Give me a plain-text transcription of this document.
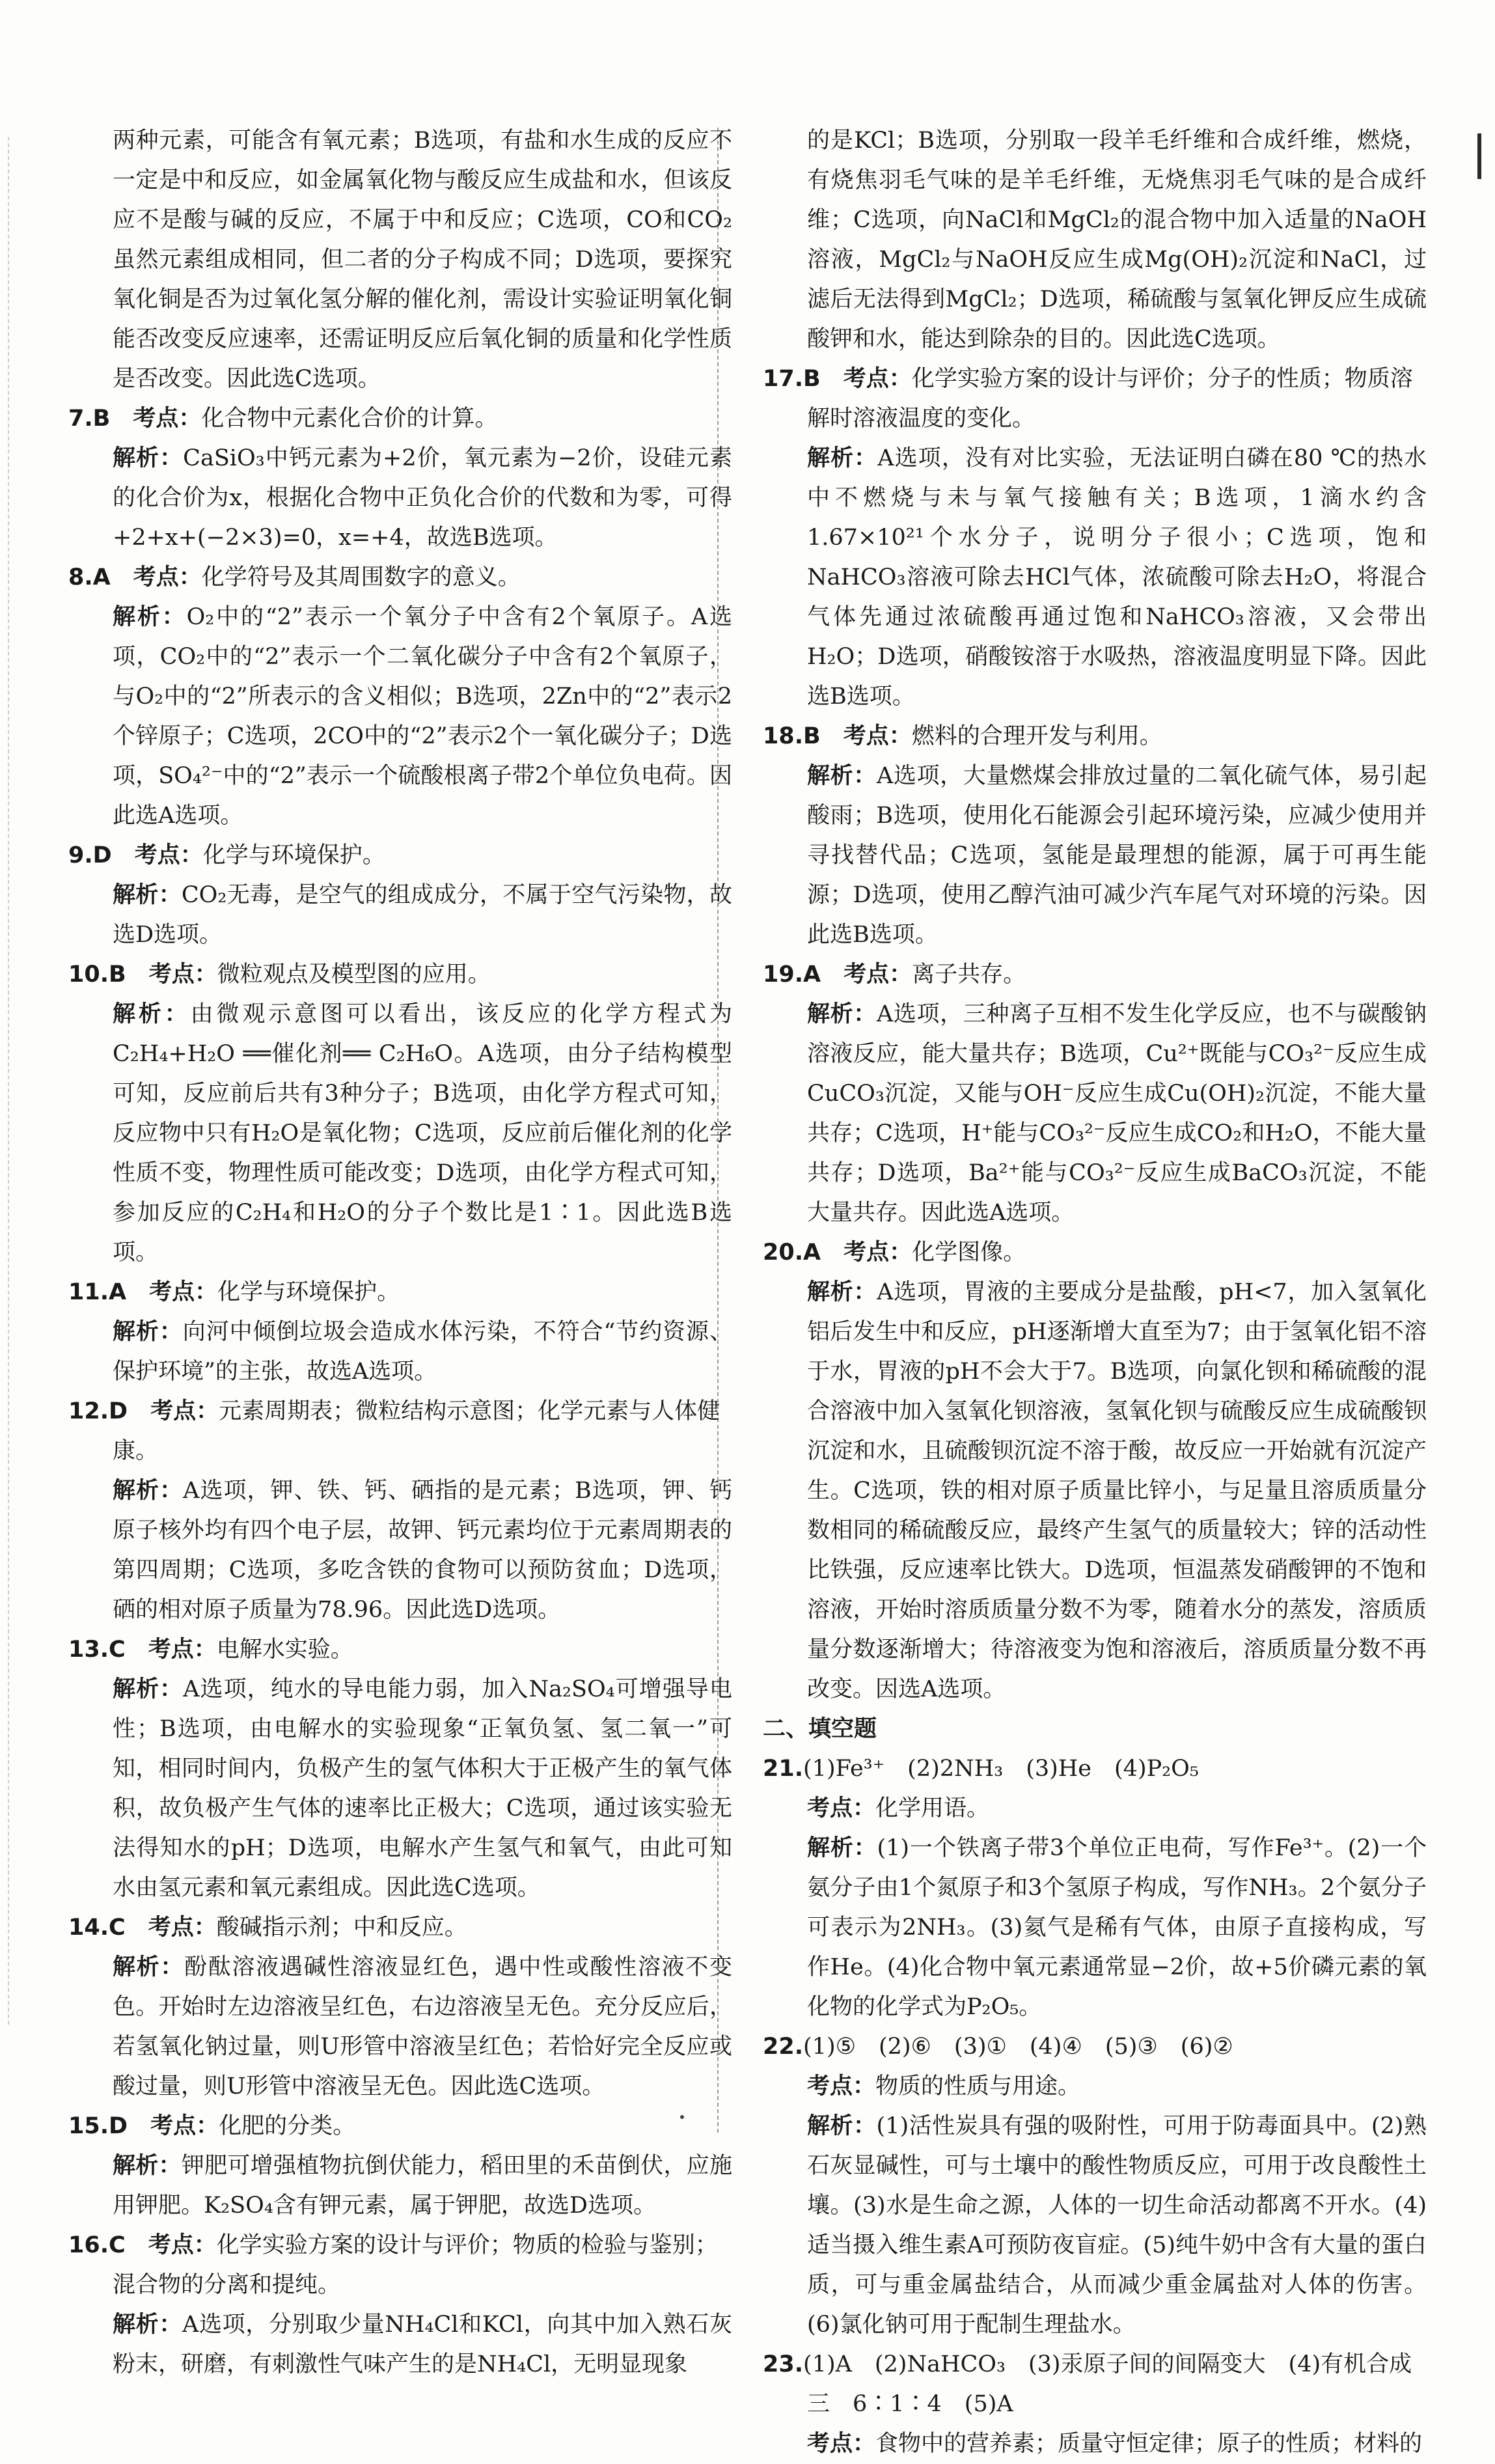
两种元素，可能含有氧元素；B选项，有盐和水生成的反应不一定是中和反应，如金属氧化物与酸反应生成盐和水，但该反应不是酸与碱的反应，不属于中和反应；C选项，CO和CO₂虽然元素组成相同，但二者的分子构成不同；D选项，要探究氧化铜是否为过氧化氢分解的催化剂，需设计实验证明氧化铜能否改变反应速率，还需证明反应后氧化铜的质量和化学性质是否改变。因此选C选项。

7.B  考点：化合物中元素化合价的计算。

解析：CaSiO₃中钙元素为+2价，氧元素为−2价，设硅元素的化合价为x，根据化合物中正负化合价的代数和为零，可得+2+x+(−2×3)=0，x=+4，故选B选项。

8.A  考点：化学符号及其周围数字的意义。

解析：O₂中的“2”表示一个氧分子中含有2个氧原子。A选项，CO₂中的“2”表示一个二氧化碳分子中含有2个氧原子，与O₂中的“2”所表示的含义相似；B选项，2Zn中的“2”表示2个锌原子；C选项，2CO中的“2”表示2个一氧化碳分子；D选项，SO₄²⁻中的“2”表示一个硫酸根离子带2个单位负电荷。因此选A选项。

9.D  考点：化学与环境保护。

解析：CO₂无毒，是空气的组成成分，不属于空气污染物，故选D选项。

10.B  考点：微粒观点及模型图的应用。

解析：由微观示意图可以看出，该反应的化学方程式为C₂H₄+H₂O ══催化剂══ C₂H₆O。A选项，由分子结构模型可知，反应前后共有3种分子；B选项，由化学方程式可知，反应物中只有H₂O是氧化物；C选项，反应前后催化剂的化学性质不变，物理性质可能改变；D选项，由化学方程式可知，参加反应的C₂H₄和H₂O的分子个数比是1∶1。因此选B选项。

11.A  考点：化学与环境保护。

解析：向河中倾倒垃圾会造成水体污染，不符合“节约资源、保护环境”的主张，故选A选项。

12.D  考点：元素周期表；微粒结构示意图；化学元素与人体健康。

解析：A选项，钾、铁、钙、硒指的是元素；B选项，钾、钙原子核外均有四个电子层，故钾、钙元素均位于元素周期表的第四周期；C选项，多吃含铁的食物可以预防贫血；D选项，硒的相对原子质量为78.96。因此选D选项。

13.C  考点：电解水实验。

解析：A选项，纯水的导电能力弱，加入Na₂SO₄可增强导电性；B选项，由电解水的实验现象“正氧负氢、氢二氧一”可知，相同时间内，负极产生的氢气体积大于正极产生的氧气体积，故负极产生气体的速率比正极大；C选项，通过该实验无法得知水的pH；D选项，电解水产生氢气和氧气，由此可知水由氢元素和氧元素组成。因此选C选项。

14.C  考点：酸碱指示剂；中和反应。

解析：酚酞溶液遇碱性溶液显红色，遇中性或酸性溶液不变色。开始时左边溶液呈红色，右边溶液呈无色。充分反应后，若氢氧化钠过量，则U形管中溶液呈红色；若恰好完全反应或酸过量，则U形管中溶液呈无色。因此选C选项。

15.D  考点：化肥的分类。

解析：钾肥可增强植物抗倒伏能力，稻田里的禾苗倒伏，应施用钾肥。K₂SO₄含有钾元素，属于钾肥，故选D选项。

16.C  考点：化学实验方案的设计与评价；物质的检验与鉴别；混合物的分离和提纯。

解析：A选项，分别取少量NH₄Cl和KCl，向其中加入熟石灰粉末，研磨，有刺激性气味产生的是NH₄Cl，无明显现象

的是KCl；B选项，分别取一段羊毛纤维和合成纤维，燃烧，有烧焦羽毛气味的是羊毛纤维，无烧焦羽毛气味的是合成纤维；C选项，向NaCl和MgCl₂的混合物中加入适量的NaOH溶液，MgCl₂与NaOH反应生成Mg(OH)₂沉淀和NaCl，过滤后无法得到MgCl₂；D选项，稀硫酸与氢氧化钾反应生成硫酸钾和水，能达到除杂的目的。因此选C选项。

17.B  考点：化学实验方案的设计与评价；分子的性质；物质溶解时溶液温度的变化。

解析：A选项，没有对比实验，无法证明白磷在80 ℃的热水中不燃烧与未与氧气接触有关；B选项，1滴水约含1.67×10²¹个水分子，说明分子很小；C选项，饱和NaHCO₃溶液可除去HCl气体，浓硫酸可除去H₂O，将混合气体先通过浓硫酸再通过饱和NaHCO₃溶液，又会带出H₂O；D选项，硝酸铵溶于水吸热，溶液温度明显下降。因此选B选项。

18.B  考点：燃料的合理开发与利用。

解析：A选项，大量燃煤会排放过量的二氧化硫气体，易引起酸雨；B选项，使用化石能源会引起环境污染，应减少使用并寻找替代品；C选项，氢能是最理想的能源，属于可再生能源；D选项，使用乙醇汽油可减少汽车尾气对环境的污染。因此选B选项。

19.A  考点：离子共存。

解析：A选项，三种离子互相不发生化学反应，也不与碳酸钠溶液反应，能大量共存；B选项，Cu²⁺既能与CO₃²⁻反应生成CuCO₃沉淀，又能与OH⁻反应生成Cu(OH)₂沉淀，不能大量共存；C选项，H⁺能与CO₃²⁻反应生成CO₂和H₂O，不能大量共存；D选项，Ba²⁺能与CO₃²⁻反应生成BaCO₃沉淀，不能大量共存。因此选A选项。

20.A  考点：化学图像。

解析：A选项，胃液的主要成分是盐酸，pH<7，加入氢氧化铝后发生中和反应，pH逐渐增大直至为7；由于氢氧化铝不溶于水，胃液的pH不会大于7。B选项，向氯化钡和稀硫酸的混合溶液中加入氢氧化钡溶液，氢氧化钡与硫酸反应生成硫酸钡沉淀和水，且硫酸钡沉淀不溶于酸，故反应一开始就有沉淀产生。C选项，铁的相对原子质量比锌小，与足量且溶质质量分数相同的稀硫酸反应，最终产生氢气的质量较大；锌的活动性比铁强，反应速率比铁大。D选项，恒温蒸发硝酸钾的不饱和溶液，开始时溶质质量分数不为零，随着水分的蒸发，溶质质量分数逐渐增大；待溶液变为饱和溶液后，溶质质量分数不再改变。因选A选项。

二、填空题

21.(1)Fe³⁺　(2)2NH₃　(3)He　(4)P₂O₅

考点：化学用语。

解析：(1)一个铁离子带3个单位正电荷，写作Fe³⁺。(2)一个氨分子由1个氮原子和3个氢原子构成，写作NH₃。2个氨分子可表示为2NH₃。(3)氦气是稀有气体，由原子直接构成，写作He。(4)化合物中氧元素通常显−2价，故+5价磷元素的氧化物的化学式为P₂O₅。

22.(1)⑤　(2)⑥　(3)①　(4)④　(5)③　(6)②

考点：物质的性质与用途。

解析：(1)活性炭具有强的吸附性，可用于防毒面具中。(2)熟石灰显碱性，可与土壤中的酸性物质反应，可用于改良酸性土壤。(3)水是生命之源，人体的一切生命活动都离不开水。(4)适当摄入维生素A可预防夜盲症。(5)纯牛奶中含有大量的蛋白质，可与重金属盐结合，从而减少重金属盐对人体的伤害。(6)氯化钠可用于配制生理盐水。

23.(1)A　(2)NaHCO₃　(3)汞原子间的间隔变大　(4)有机合成　三　6∶1∶4　(5)A

考点：食物中的营养素；质量守恒定律；原子的性质；材料的
